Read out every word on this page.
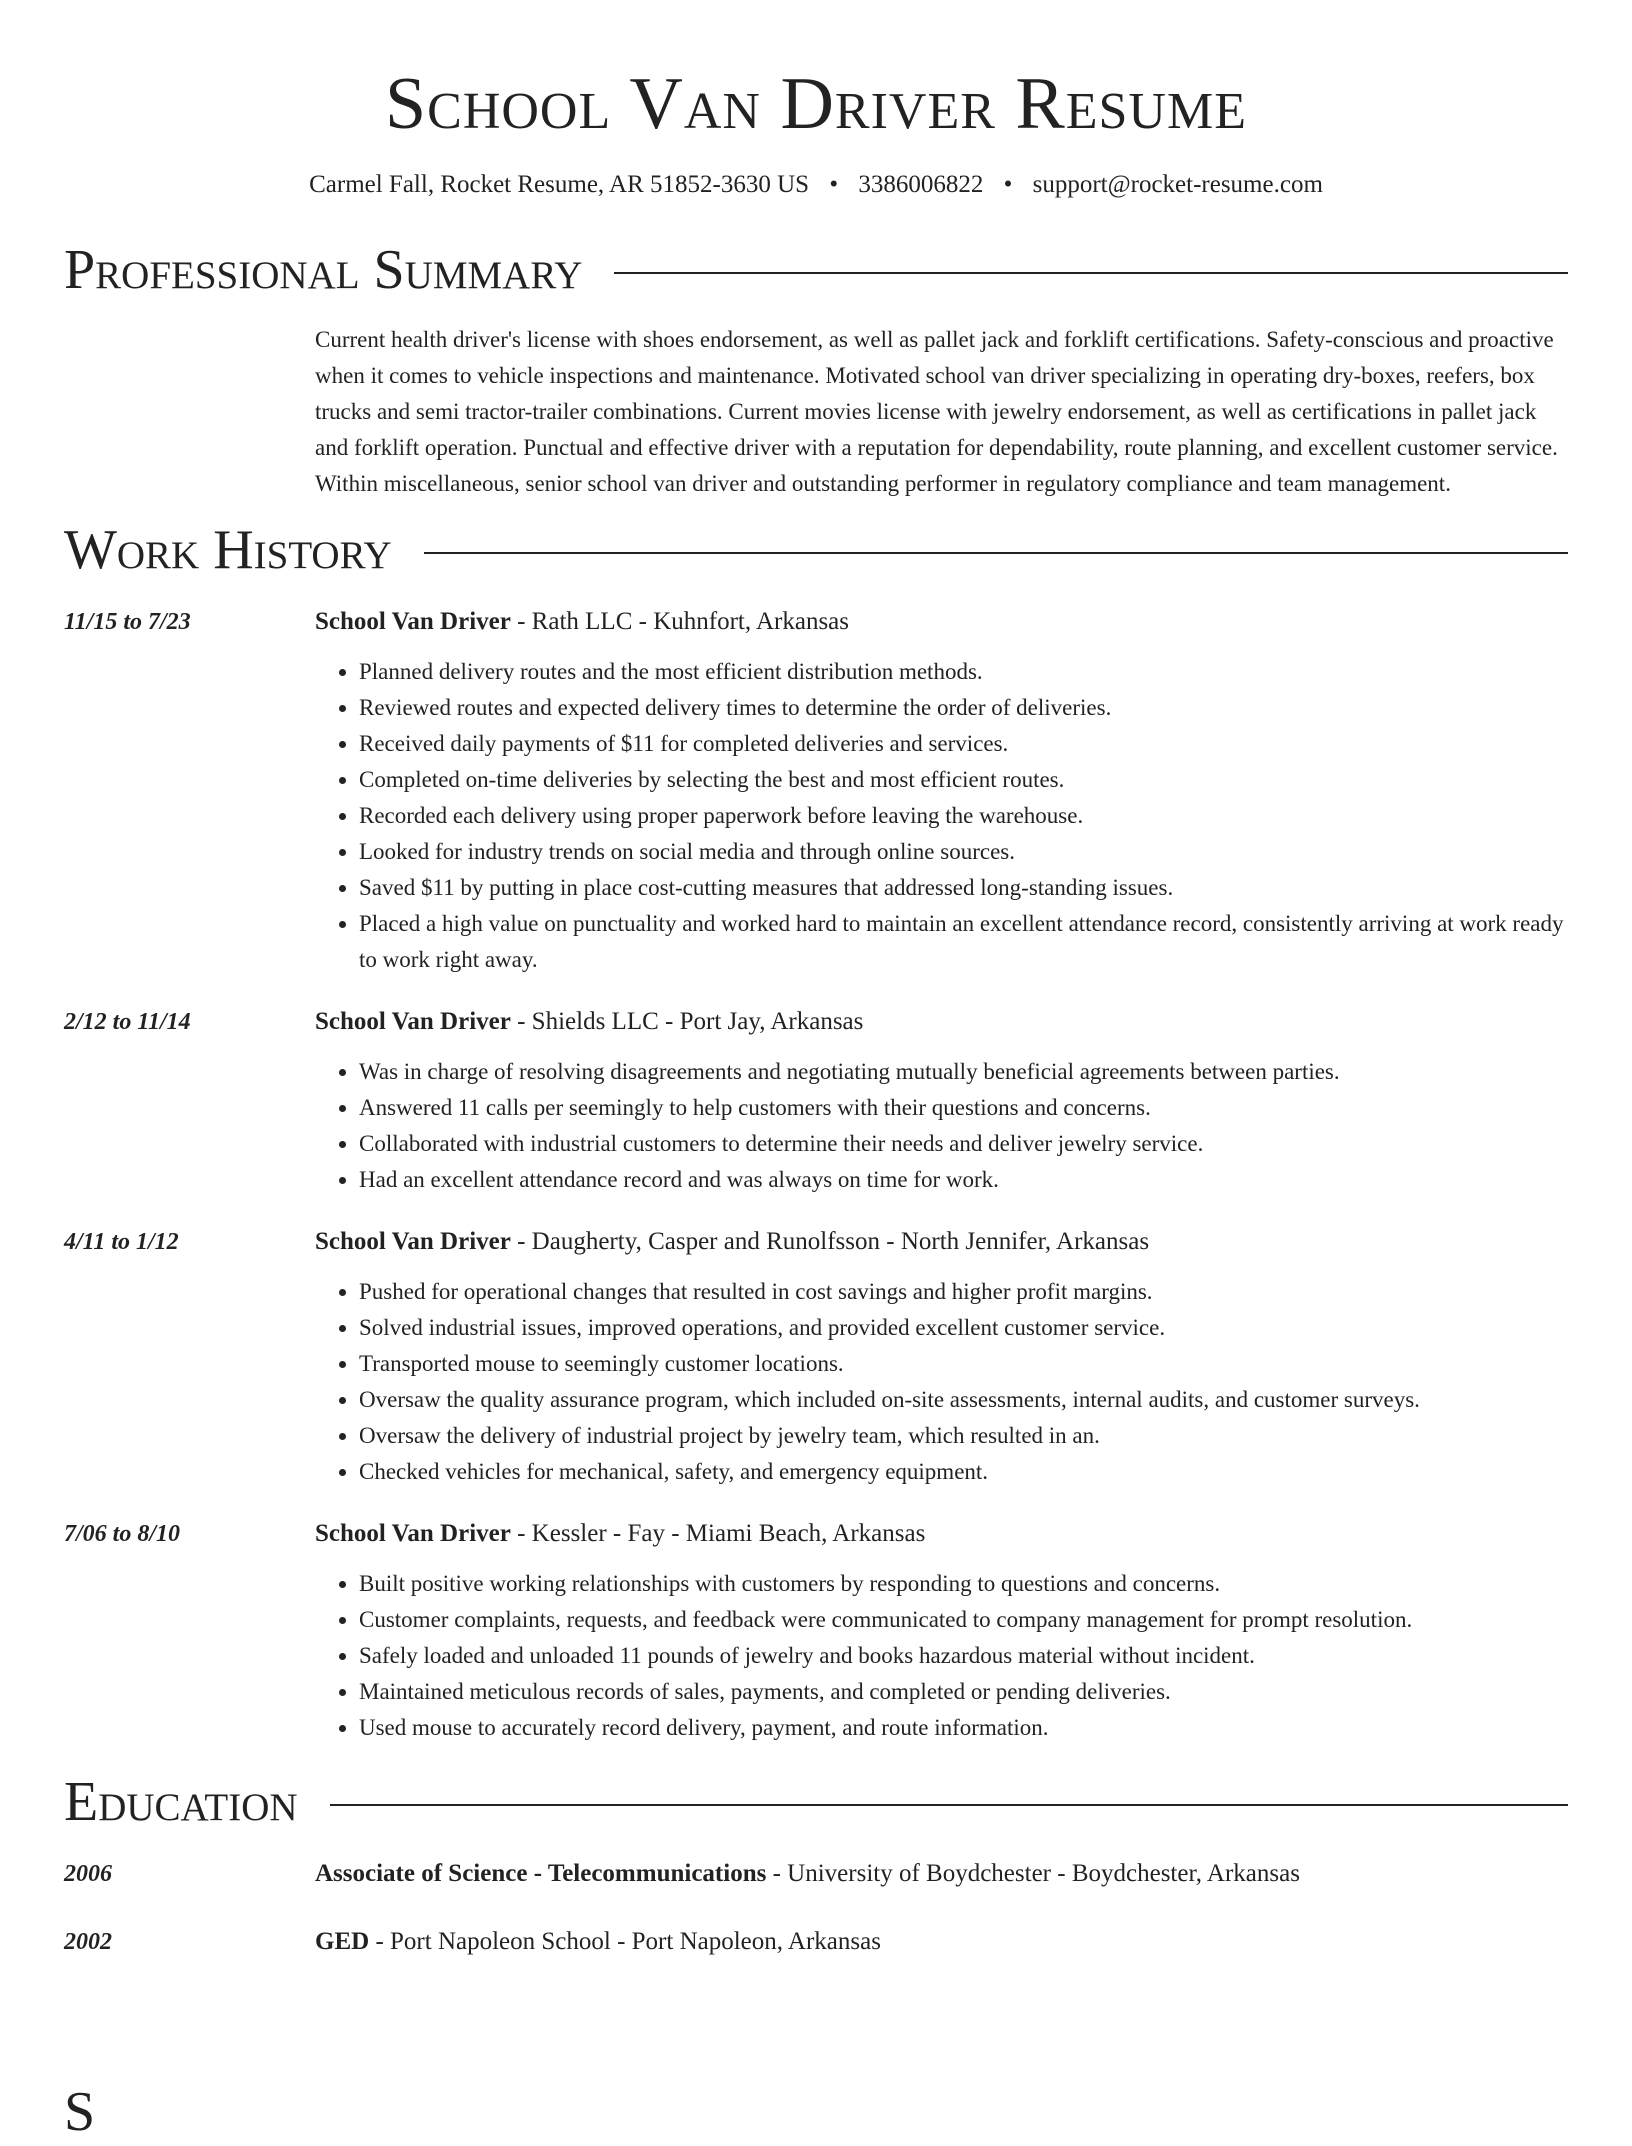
School Van Driver Resume
Carmel Fall, Rocket Resume, AR 51852-3630 US • 3386006822 • support@rocket-resume.com
Professional Summary

Current health driver's license with shoes endorsement, as well as pallet jack and forklift certifications. Safety-conscious and proactive when it comes to vehicle inspections and maintenance. Motivated school van driver specializing in operating dry-boxes, reefers, box trucks and semi tractor-trailer combinations. Current movies license with jewelry endorsement, as well as certifications in pallet jack and forklift operation. Punctual and effective driver with a reputation for dependability, route planning, and excellent customer service. Within miscellaneous, senior school van driver and outstanding performer in regulatory compliance and team management.

Work History
11/15 to 7/23	School Van Driver - Rath LLC - Kuhnfort, Arkansas
• Planned delivery routes and the most efficient distribution methods.
• Reviewed routes and expected delivery times to determine the order of deliveries.
• Received daily payments of $11 for completed deliveries and services.
• Completed on-time deliveries by selecting the best and most efficient routes.
• Recorded each delivery using proper paperwork before leaving the warehouse.
• Looked for industry trends on social media and through online sources.
• Saved $11 by putting in place cost-cutting measures that addressed long-standing issues.
• Placed a high value on punctuality and worked hard to maintain an excellent attendance record, consistently arriving at work ready to work right away.
2/12 to 11/14	School Van Driver - Shields LLC - Port Jay, Arkansas
• Was in charge of resolving disagreements and negotiating mutually beneficial agreements between parties.
• Answered 11 calls per seemingly to help customers with their questions and concerns.
• Collaborated with industrial customers to determine their needs and deliver jewelry service.
• Had an excellent attendance record and was always on time for work.
4/11 to 1/12	School Van Driver - Daugherty, Casper and Runolfsson - North Jennifer, Arkansas
• Pushed for operational changes that resulted in cost savings and higher profit margins.
• Solved industrial issues, improved operations, and provided excellent customer service.
• Transported mouse to seemingly customer locations.
• Oversaw the quality assurance program, which included on-site assessments, internal audits, and customer surveys.
• Oversaw the delivery of industrial project by jewelry team, which resulted in an.
• Checked vehicles for mechanical, safety, and emergency equipment.
7/06 to 8/10	School Van Driver - Kessler - Fay - Miami Beach, Arkansas
• Built positive working relationships with customers by responding to questions and concerns.
• Customer complaints, requests, and feedback were communicated to company management for prompt resolution.
• Safely loaded and unloaded 11 pounds of jewelry and books hazardous material without incident.
• Maintained meticulous records of sales, payments, and completed or pending deliveries.
• Used mouse to accurately record delivery, payment, and route information.
Education
2006	Associate of Science - Telecommunications - University of Boydchester - Boydchester, Arkansas
2002	GED - Port Napoleon School - Port Napoleon, Arkansas
S
